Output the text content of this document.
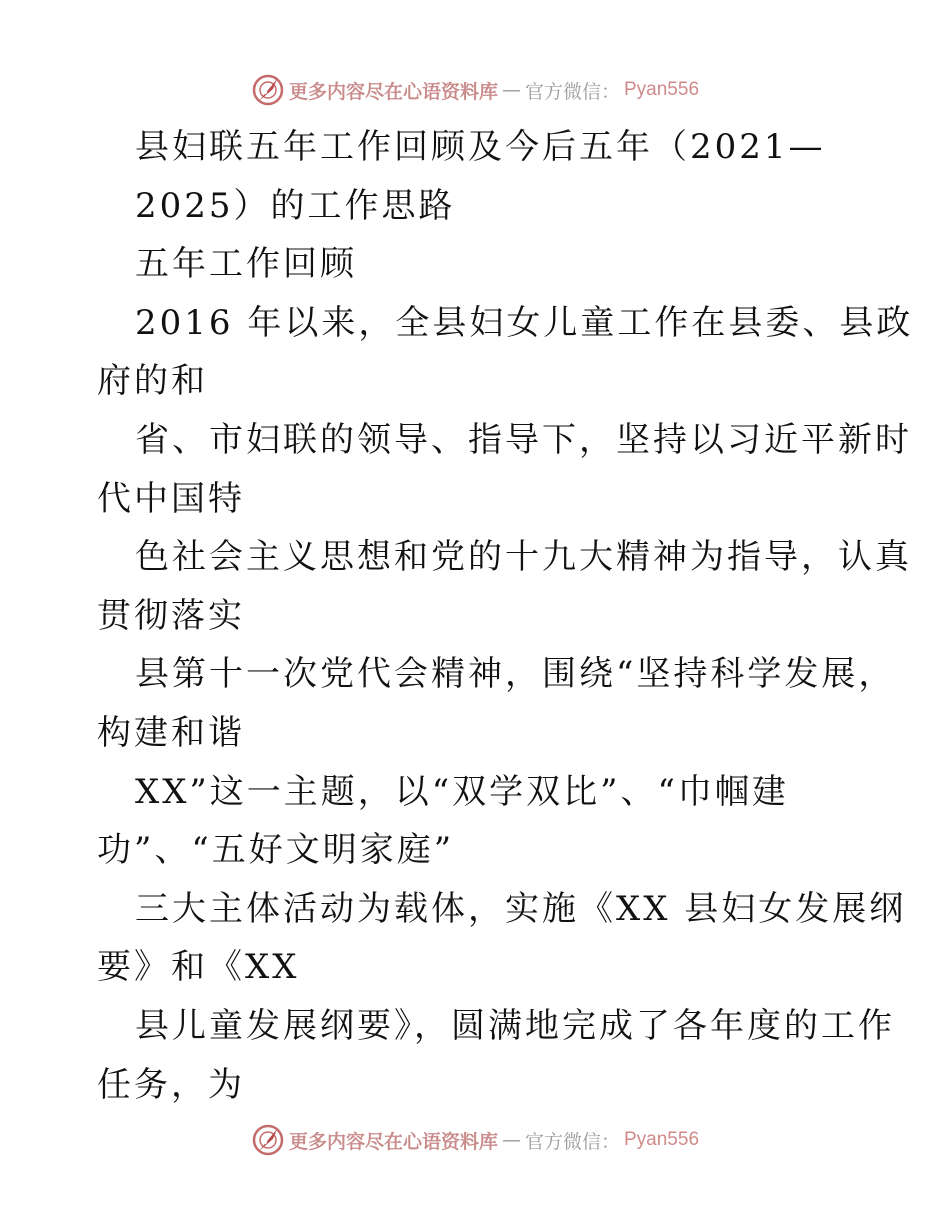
更多内容尽在心语资料库 — 官方微信： Pyan556
县妇联五年工作回顾及今后五年（2021—
2025）的工作思路
五年工作回顾
2016 年以来，全县妇女儿童工作在县委、县政
府的和
省、市妇联的领导、指导下，坚持以习近平新时
代中国特
色社会主义思想和党的十九大精神为指导，认真
贯彻落实
县第十一次党代会精神，围绕“坚持科学发展，
构建和谐
XX”这一主题，以“双学双比”、“巾帼建
功”、“五好文明家庭”
三大主体活动为载体，实施《XX 县妇女发展纲
要》和《XX
县儿童发展纲要》，圆满地完成了各年度的工作
任务，为
更多内容尽在心语资料库 — 官方微信： Pyan556
